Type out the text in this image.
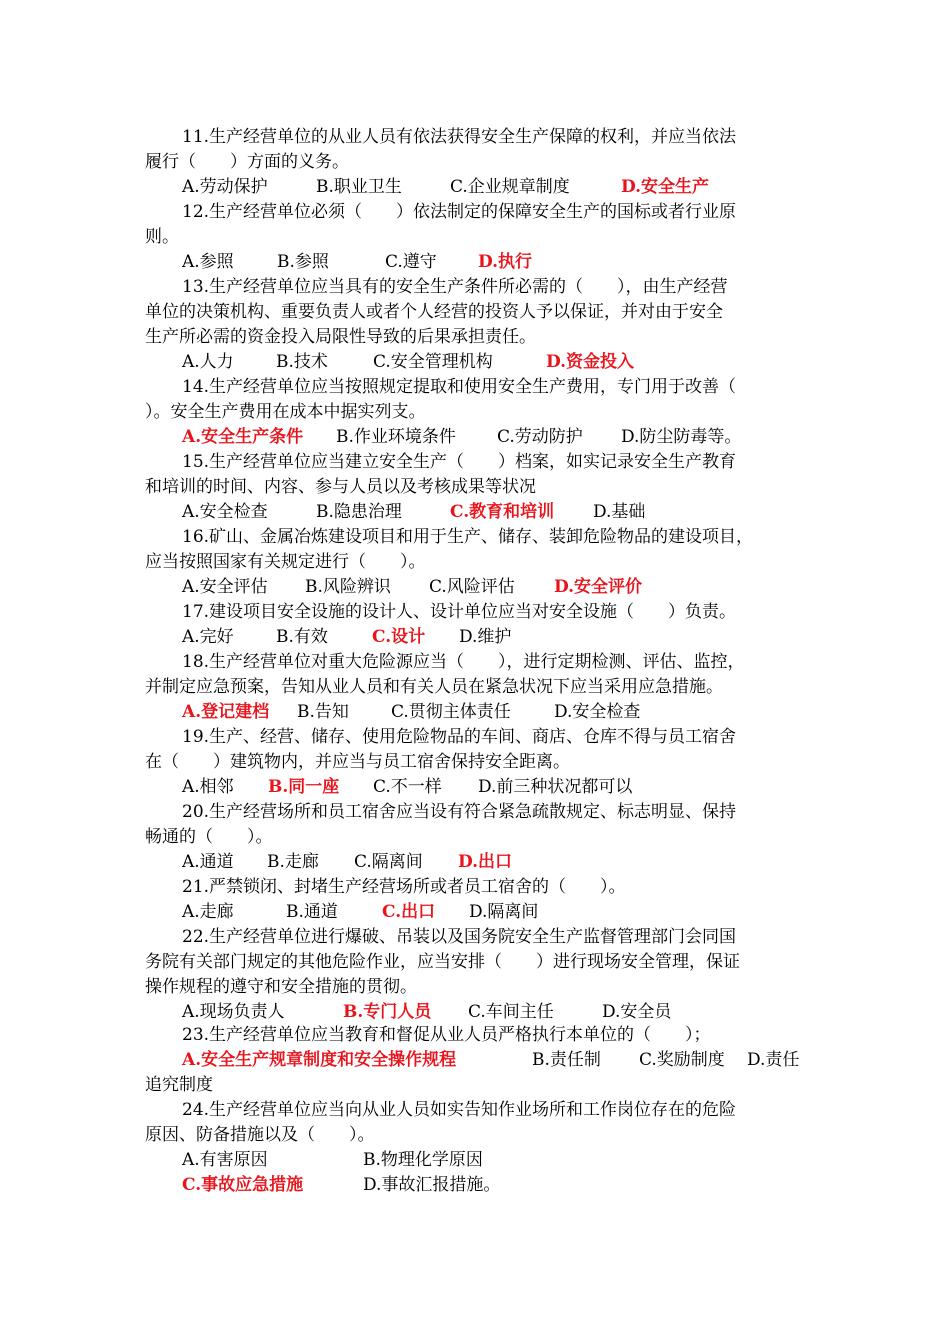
11.生产经营单位的从业人员有依法获得安全生产保障的权利，并应当依法
履行（　　）方面的义务。
A.劳动保护	B.职业卫生	C.企业规章制度	D.安全生产
12.生产经营单位必须（　　）依法制定的保障安全生产的国标或者行业原
则。
A.参照	B.参照	C.遵守 D.执行
13.生产经营单位应当具有的安全生产条件所必需的（　　），由生产经营
单位的决策机构、重要负责人或者个人经营的投资人予以保证，并对由于安全
生产所必需的资金投入局限性导致的后果承担责任。
A.人力 B.技术	C.安全管理机构	D.资金投入
14.生产经营单位应当按照规定提取和使用安全生产费用，专门用于改善（
）。安全生产费用在成本中据实列支。
A.安全生产条件 B.作业环境条件 C.劳动防护 D.防尘防毒等。
15.生产经营单位应当建立安全生产（　　）档案，如实记录安全生产教育
和培训的时间、内容、参与人员以及考核成果等状况
A.安全检查	B.隐患治理	C.教育和培训 D.基础
16.矿山、金属冶炼建设项目和用于生产、储存、装卸危险物品的建设项目，
应当按照国家有关规定进行（　　）。
A.安全评估 B.风险辨识 C.风险评估 D.安全评价
17.建设项目安全设施的设计人、设计单位应当对安全设施（　　）负责。
A.完好 B.有效	C.设计 D.维护
18.生产经营单位对重大危险源应当（　　），进行定期检测、评估、监控，
并制定应急预案，告知从业人员和有关人员在紧急状况下应当采用应急措施。
A.登记建档 B.告知 C.贯彻主体责任	D.安全检查
19.生产、经营、储存、使用危险物品的车间、商店、仓库不得与员工宿舍
在（　　）建筑物内，并应当与员工宿舍保持安全距离。
A.相邻 B.同一座 C.不一样 D.前三种状况都可以
20.生产经营场所和员工宿舍应当设有符合紧急疏散规定、标志明显、保持
畅通的（　　）。
A.通道 B.走廊 C.隔离间 D.出口
21.严禁锁闭、封堵生产经营场所或者员工宿舍的（　　）。
A.走廊	B.通道	C.出口 D.隔离间
22.生产经营单位进行爆破、吊装以及国务院安全生产监督管理部门会同国
务院有关部门规定的其他危险作业，应当安排（　　）进行现场安全管理，保证
操作规程的遵守和安全措施的贯彻。
A.现场负责人	B.专门人员 C.车间主任	D.安全员
23.生产经营单位应当教育和督促从业人员严格执行本单位的（　　）；
A.安全生产规章制度和安全操作规程	B.责任制 C.奖励制度 D.责任
追究制度
24.生产经营单位应当向从业人员如实告知作业场所和工作岗位存在的危险
原因、防备措施以及（　　）。
A.有害原因	B.物理化学原因
C.事故应急措施	D.事故汇报措施。
